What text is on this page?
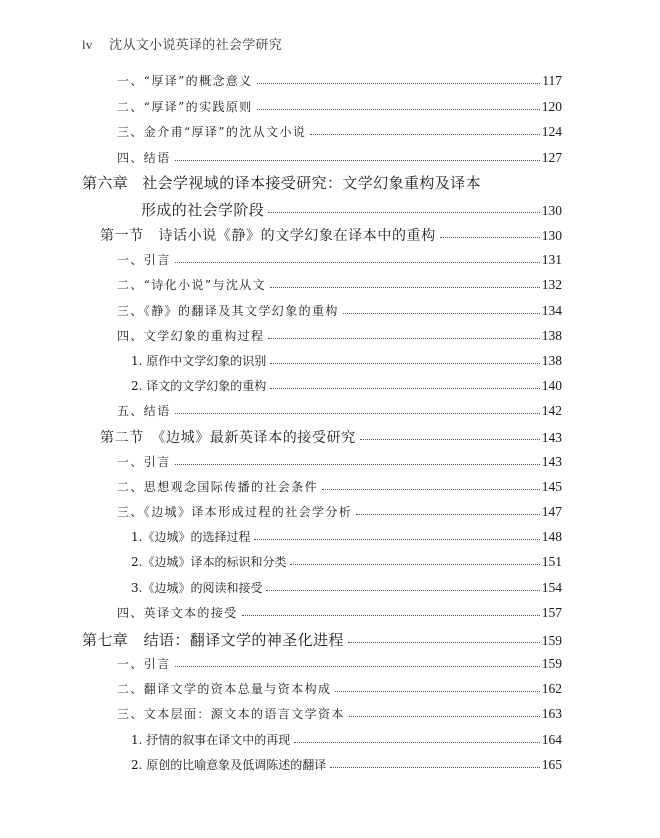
lv 沈从文小说英译的社会学研究
一、“厚译”的概念意义	117
二、“厚译”的实践原则	120
三、金介甫“厚译”的沈从文小说	124
四、结语	127
第六章 社会学视域的译本接受研究：文学幻象重构及译本
形成的社会学阶段	130
第一节　诗话小说《静》的文学幻象在译本中的重构	130
一、引言	131
二、“诗化小说”与沈从文	132
三、《静》的翻译及其文学幻象的重构	134
四、文学幻象的重构过程	138
1. 原作中文学幻象的识别	138
2. 译文的文学幻象的重构	140
五、结语	142
第二节　《边城》最新英译本的接受研究	143
一、引言	143
二、思想观念国际传播的社会条件	145
三、《边城》译本形成过程的社会学分析	147
1.《边城》的选择过程	148
2.《边城》译本的标识和分类	151
3.《边城》的阅读和接受	154
四、英译文本的接受	157
第七章　结语：翻译文学的神圣化进程	159
一、引言	159
二、翻译文学的资本总量与资本构成	162
三、文本层面：源文本的语言文学资本	163
1. 抒情的叙事在译文中的再现	164
2. 原创的比喻意象及低调陈述的翻译	165
